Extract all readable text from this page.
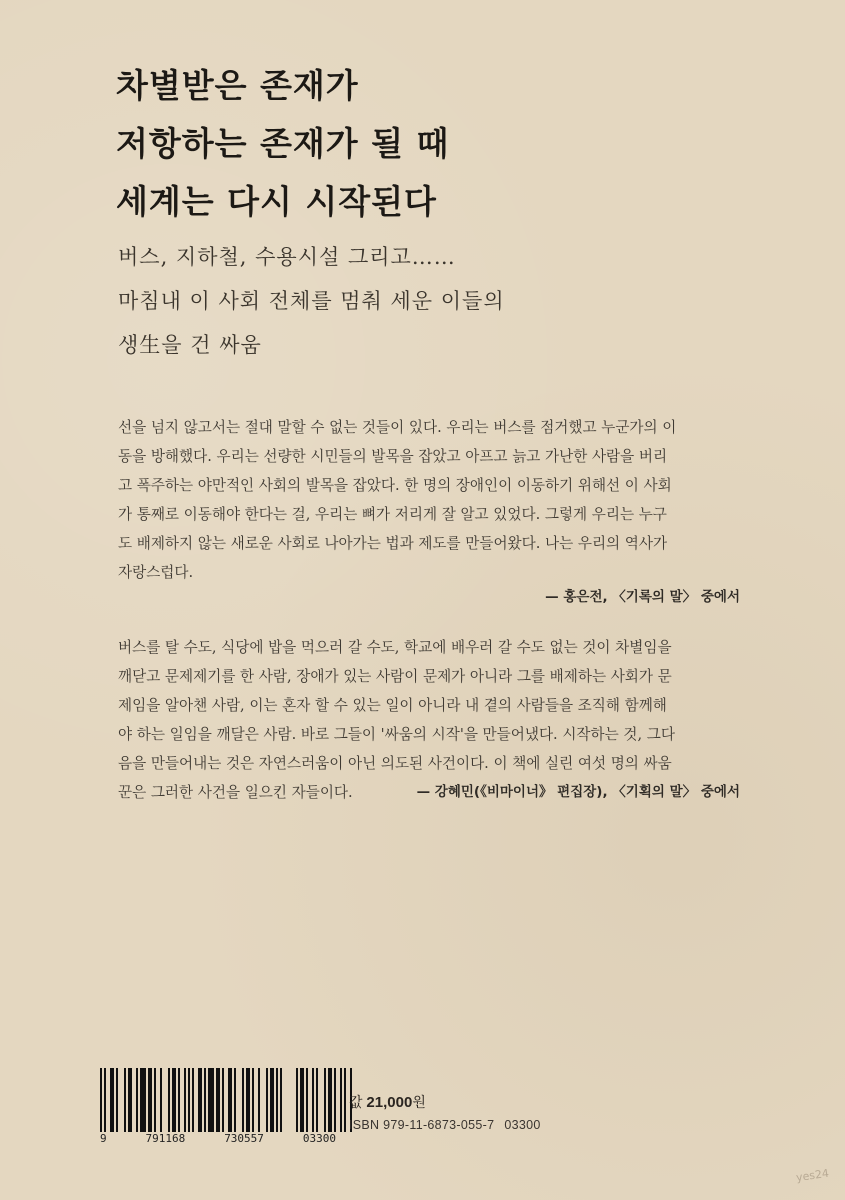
차별받은 존재가
저항하는 존재가 될 때
세계는 다시 시작된다
버스, 지하철, 수용시설 그리고……
마침내 이 사회 전체를 멈춰 세운 이들의
생生을 건 싸움

선을 넘지 않고서는 절대 말할 수 없는 것들이 있다. 우리는 버스를 점거했고 누군가의 이

동을 방해했다. 우리는 선량한 시민들의 발목을 잡았고 아프고 늙고 가난한 사람을 버리

고 폭주하는 야만적인 사회의 발목을 잡았다. 한 명의 장애인이 이동하기 위해선 이 사회

가 통째로 이동해야 한다는 걸, 우리는 뼈가 저리게 잘 알고 있었다. 그렇게 우리는 누구

도 배제하지 않는 새로운 사회로 나아가는 법과 제도를 만들어왔다. 나는 우리의 역사가

자랑스럽다.

— 홍은전, 〈기록의 말〉 중에서

버스를 탈 수도, 식당에 밥을 먹으러 갈 수도, 학교에 배우러 갈 수도 없는 것이 차별임을

깨닫고 문제제기를 한 사람, 장애가 있는 사람이 문제가 아니라 그를 배제하는 사회가 문

제임을 알아챈 사람, 이는 혼자 할 수 있는 일이 아니라 내 곁의 사람들을 조직해 함께해

야 하는 일임을 깨달은 사람. 바로 그들이 '싸움의 시작'을 만들어냈다. 시작하는 것, 그다

음을 만들어내는 것은 자연스러움이 아닌 의도된 사건이다. 이 책에 실린 여섯 명의 싸움

꾼은 그러한 사건을 일으킨 자들이다.	— 강혜민(《비마이너》 편집장), 〈기획의 말〉 중에서
9	791168	730557	03300
값 21,000원
ISBN 979-11-6873-055-7 03300
yes24
